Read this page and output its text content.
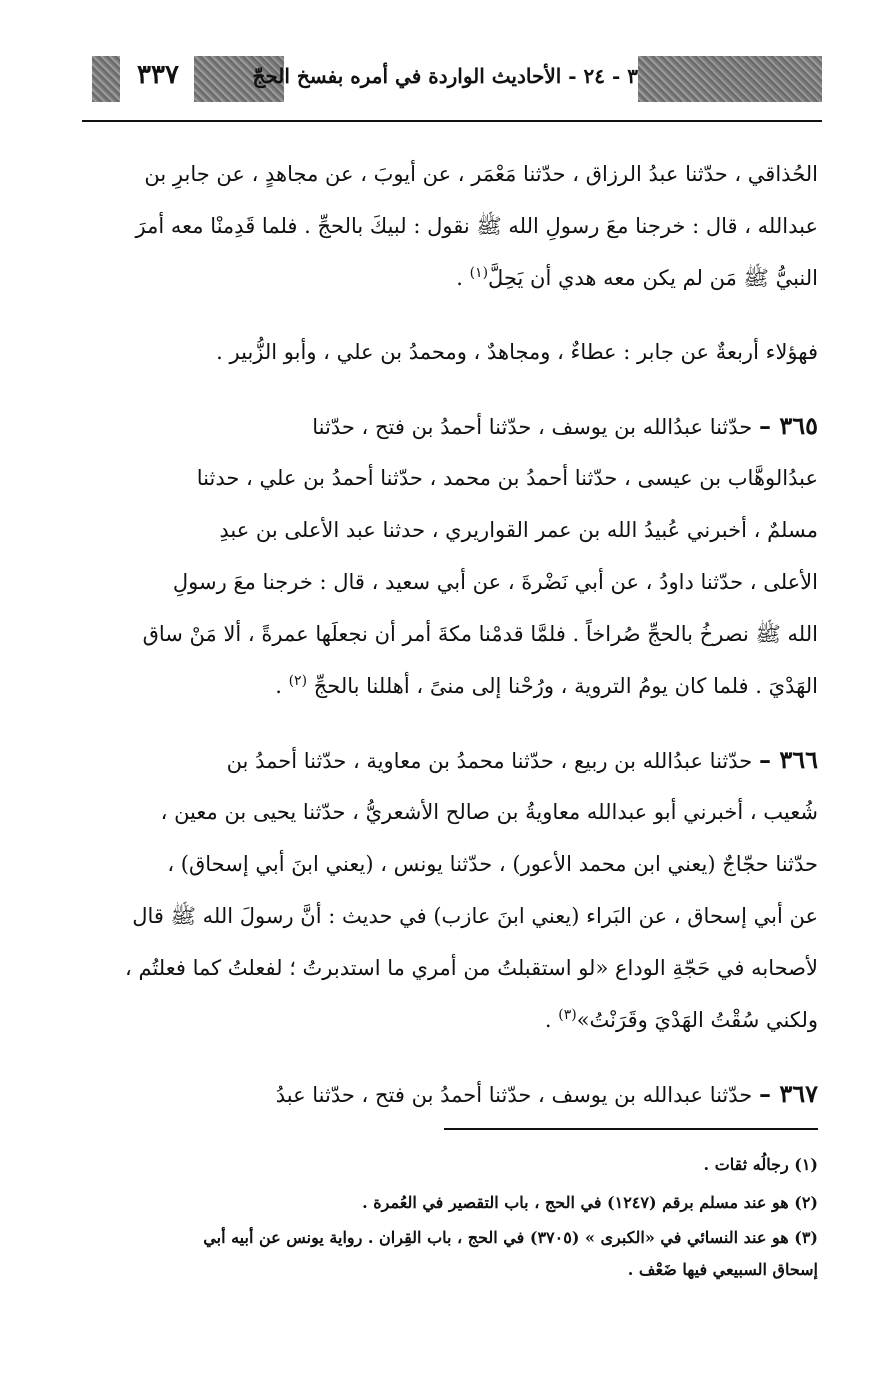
٣٣٧	٣ - ٢٤ - الأحاديث الواردة في أمره بفسخ الحجّ
الحُذاقي ، حدّثنا عبدُ الرزاق ، حدّثنا مَعْمَر ، عن أيوبَ ، عن مجاهدٍ ، عن جابرِ بن
عبدالله ، قال : خرجنا معَ رسولِ الله ﷺ نقول : لبيكَ بالحجِّ . فلما قَدِمنْا معه أمرَ
النبيُّ ﷺ مَن لم يكن معه هدي أن يَحِلَّ$^{(١)}$ .
فهؤلاء أربعةٌ عن جابر : عطاءٌ ، ومجاهدٌ ، ومحمدُ بن علي ، وأبو الزُّبير .
٣٦٥ – حدّثنا عبدُالله بن يوسف ، حدّثنا أحمدُ بن فتح ، حدّثنا
عبدُالوهَّاب بن عيسى ، حدّثنا أحمدُ بن محمد ، حدّثنا أحمدُ بن علي ، حدثنا
مسلمٌ ، أخبرني عُبيدُ الله بن عمر القواريري ، حدثنا عبد الأعلى بن عبدِ
الأعلى ، حدّثنا داودُ ، عن أبي نَضْرةَ ، عن أبي سعيد ، قال : خرجنا معَ رسولِ
الله ﷺ نصرخُ بالحجِّ صُراخاً . فلمَّا قدمْنا مكةَ أمر أن نجعلَها عمرةً ، ألا مَنْ ساق
الهَدْيَ . فلما كان يومُ التروية ، ورُحْنا إلى منىً ، أهللنا بالحجِّ $^{(٢)}$ .
٣٦٦ – حدّثنا عبدُالله بن ربيع ، حدّثنا محمدُ بن معاوية ، حدّثنا أحمدُ بن
شُعيب ، أخبرني أبو عبدالله معاويةُ بن صالح الأشعريُّ ، حدّثنا يحيى بن معين ،
حدّثنا حجّاجٌ (يعني ابن محمد الأعور) ، حدّثنا يونس ، (يعني ابنَ أبي إسحاق) ،
عن أبي إسحاق ، عن البَراء (يعني ابنَ عازب) في حديث : أنَّ رسولَ الله ﷺ قال
لأصحابه في حَجّةِ الوداع «لو استقبلتُ من أمري ما استدبرتُ ؛ لفعلتُ كما فعلتُم ،
ولكني سُقْتُ الهَدْيَ وقَرَنْتُ»$^{(٣)}$ .
٣٦٧ – حدّثنا عبدالله بن يوسف ، حدّثنا أحمدُ بن فتح ، حدّثنا عبدُ
(١) رجالُه ثقات .
(٢) هو عند مسلم برقم (١٢٤٧) في الحج ، باب التقصير في العُمرة .
(٣) هو عند النسائي في «الكبرى » (٣٧٠٥) في الحج ، باب القِران . رواية يونس عن أبيه أبي
إسحاق السبيعي فيها ضَعْف .
